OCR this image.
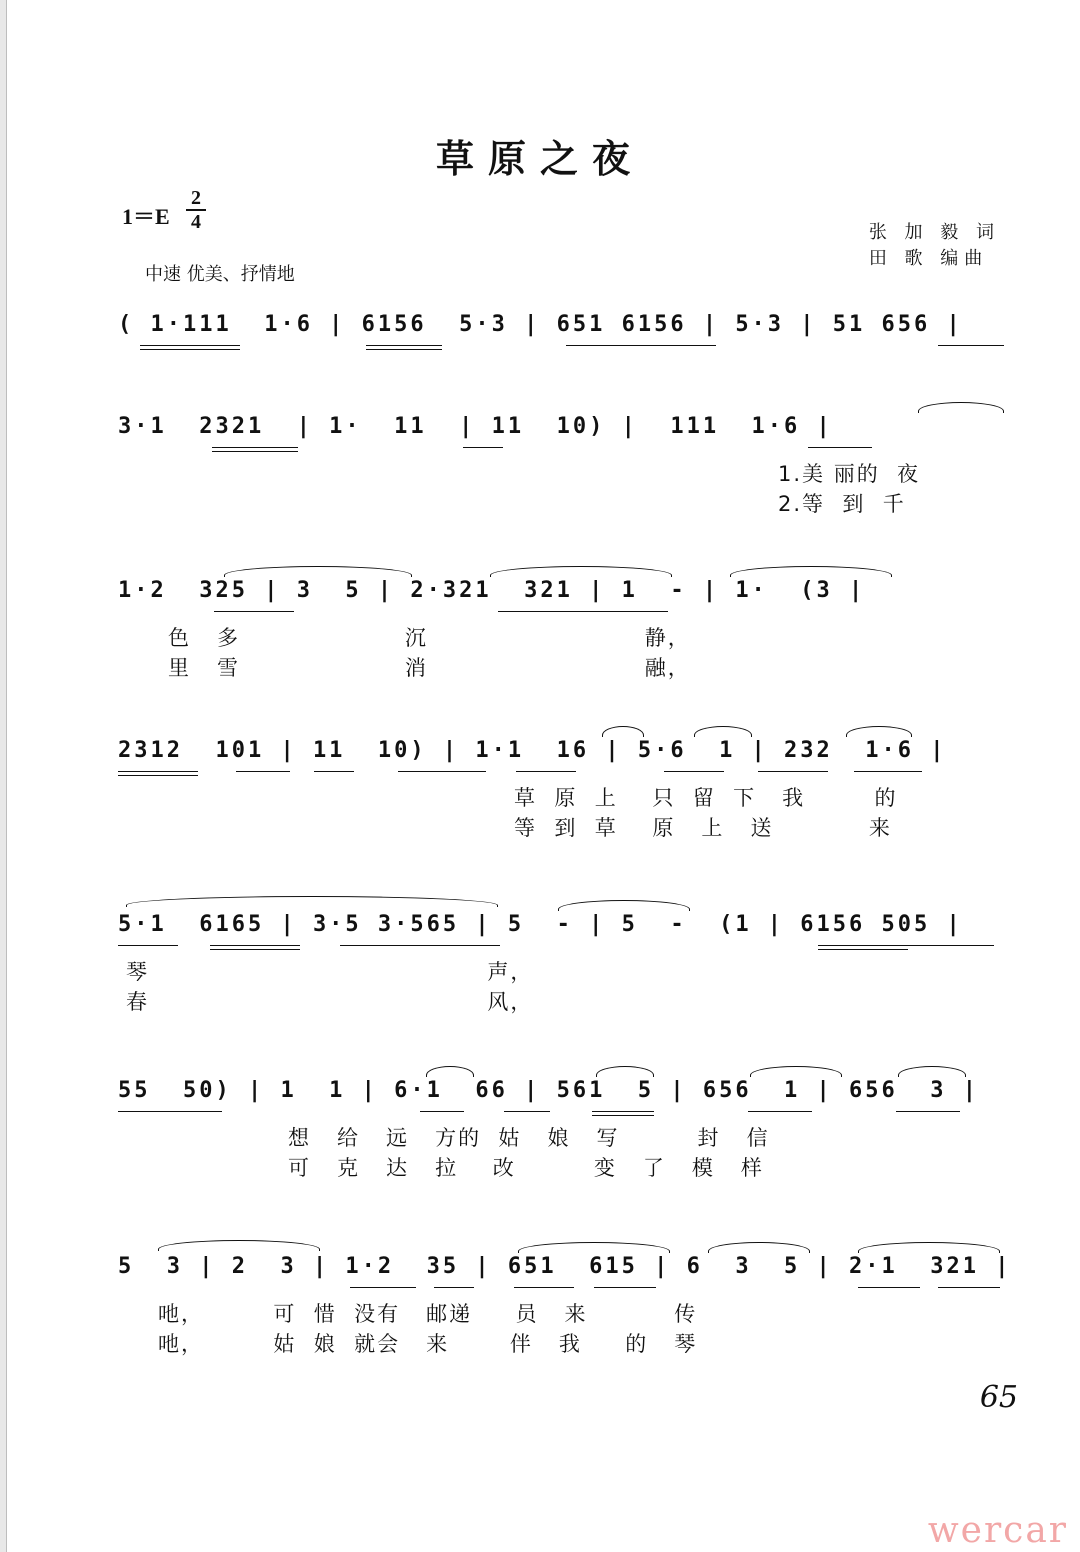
草原之夜
1＝E
2
4
中速 优美、抒情地
张 加 毅 词
田 歌 编曲
( 1·111  1·6 | 6156  5·3 | 651 6156 | 5·3 | 51 656 |
3·1  2321  | 1·  11  | 11  10) |  111  1·6 |
1.美 丽的  夜
2.等  到  千
1·2  325 | 3  5 | 2·321  321 | 1  - | 1·  (3 |
色   多                   沉                         静，
里   雪                   消                         融，
2312  101 | 11  10) | 1·1  16 | 5·6  1 | 232  1·6 |
草  原  上    只  留  下   我        的
等  到  草    原   上   送           来
5·1  6165 | 3·5 3·565 | 5  - | 5  -  (1 | 6156 505 |
琴                                       声，
春                                       风，
55  50) | 1  1 | 6·1  66 | 561  5 | 656  1 | 656  3 |
想   给   远   方的  姑   娘   写         封   信
可   克   达   拉    改         变   了   模   样
5  3 | 2  3 | 1·2  35 | 651  615 | 6  3  5 | 2·1  321 |
吔，        可  惜  没有   邮递     员   来          传
吔，        姑  娘  就会   来       伴   我     的   琴
65
wercar
